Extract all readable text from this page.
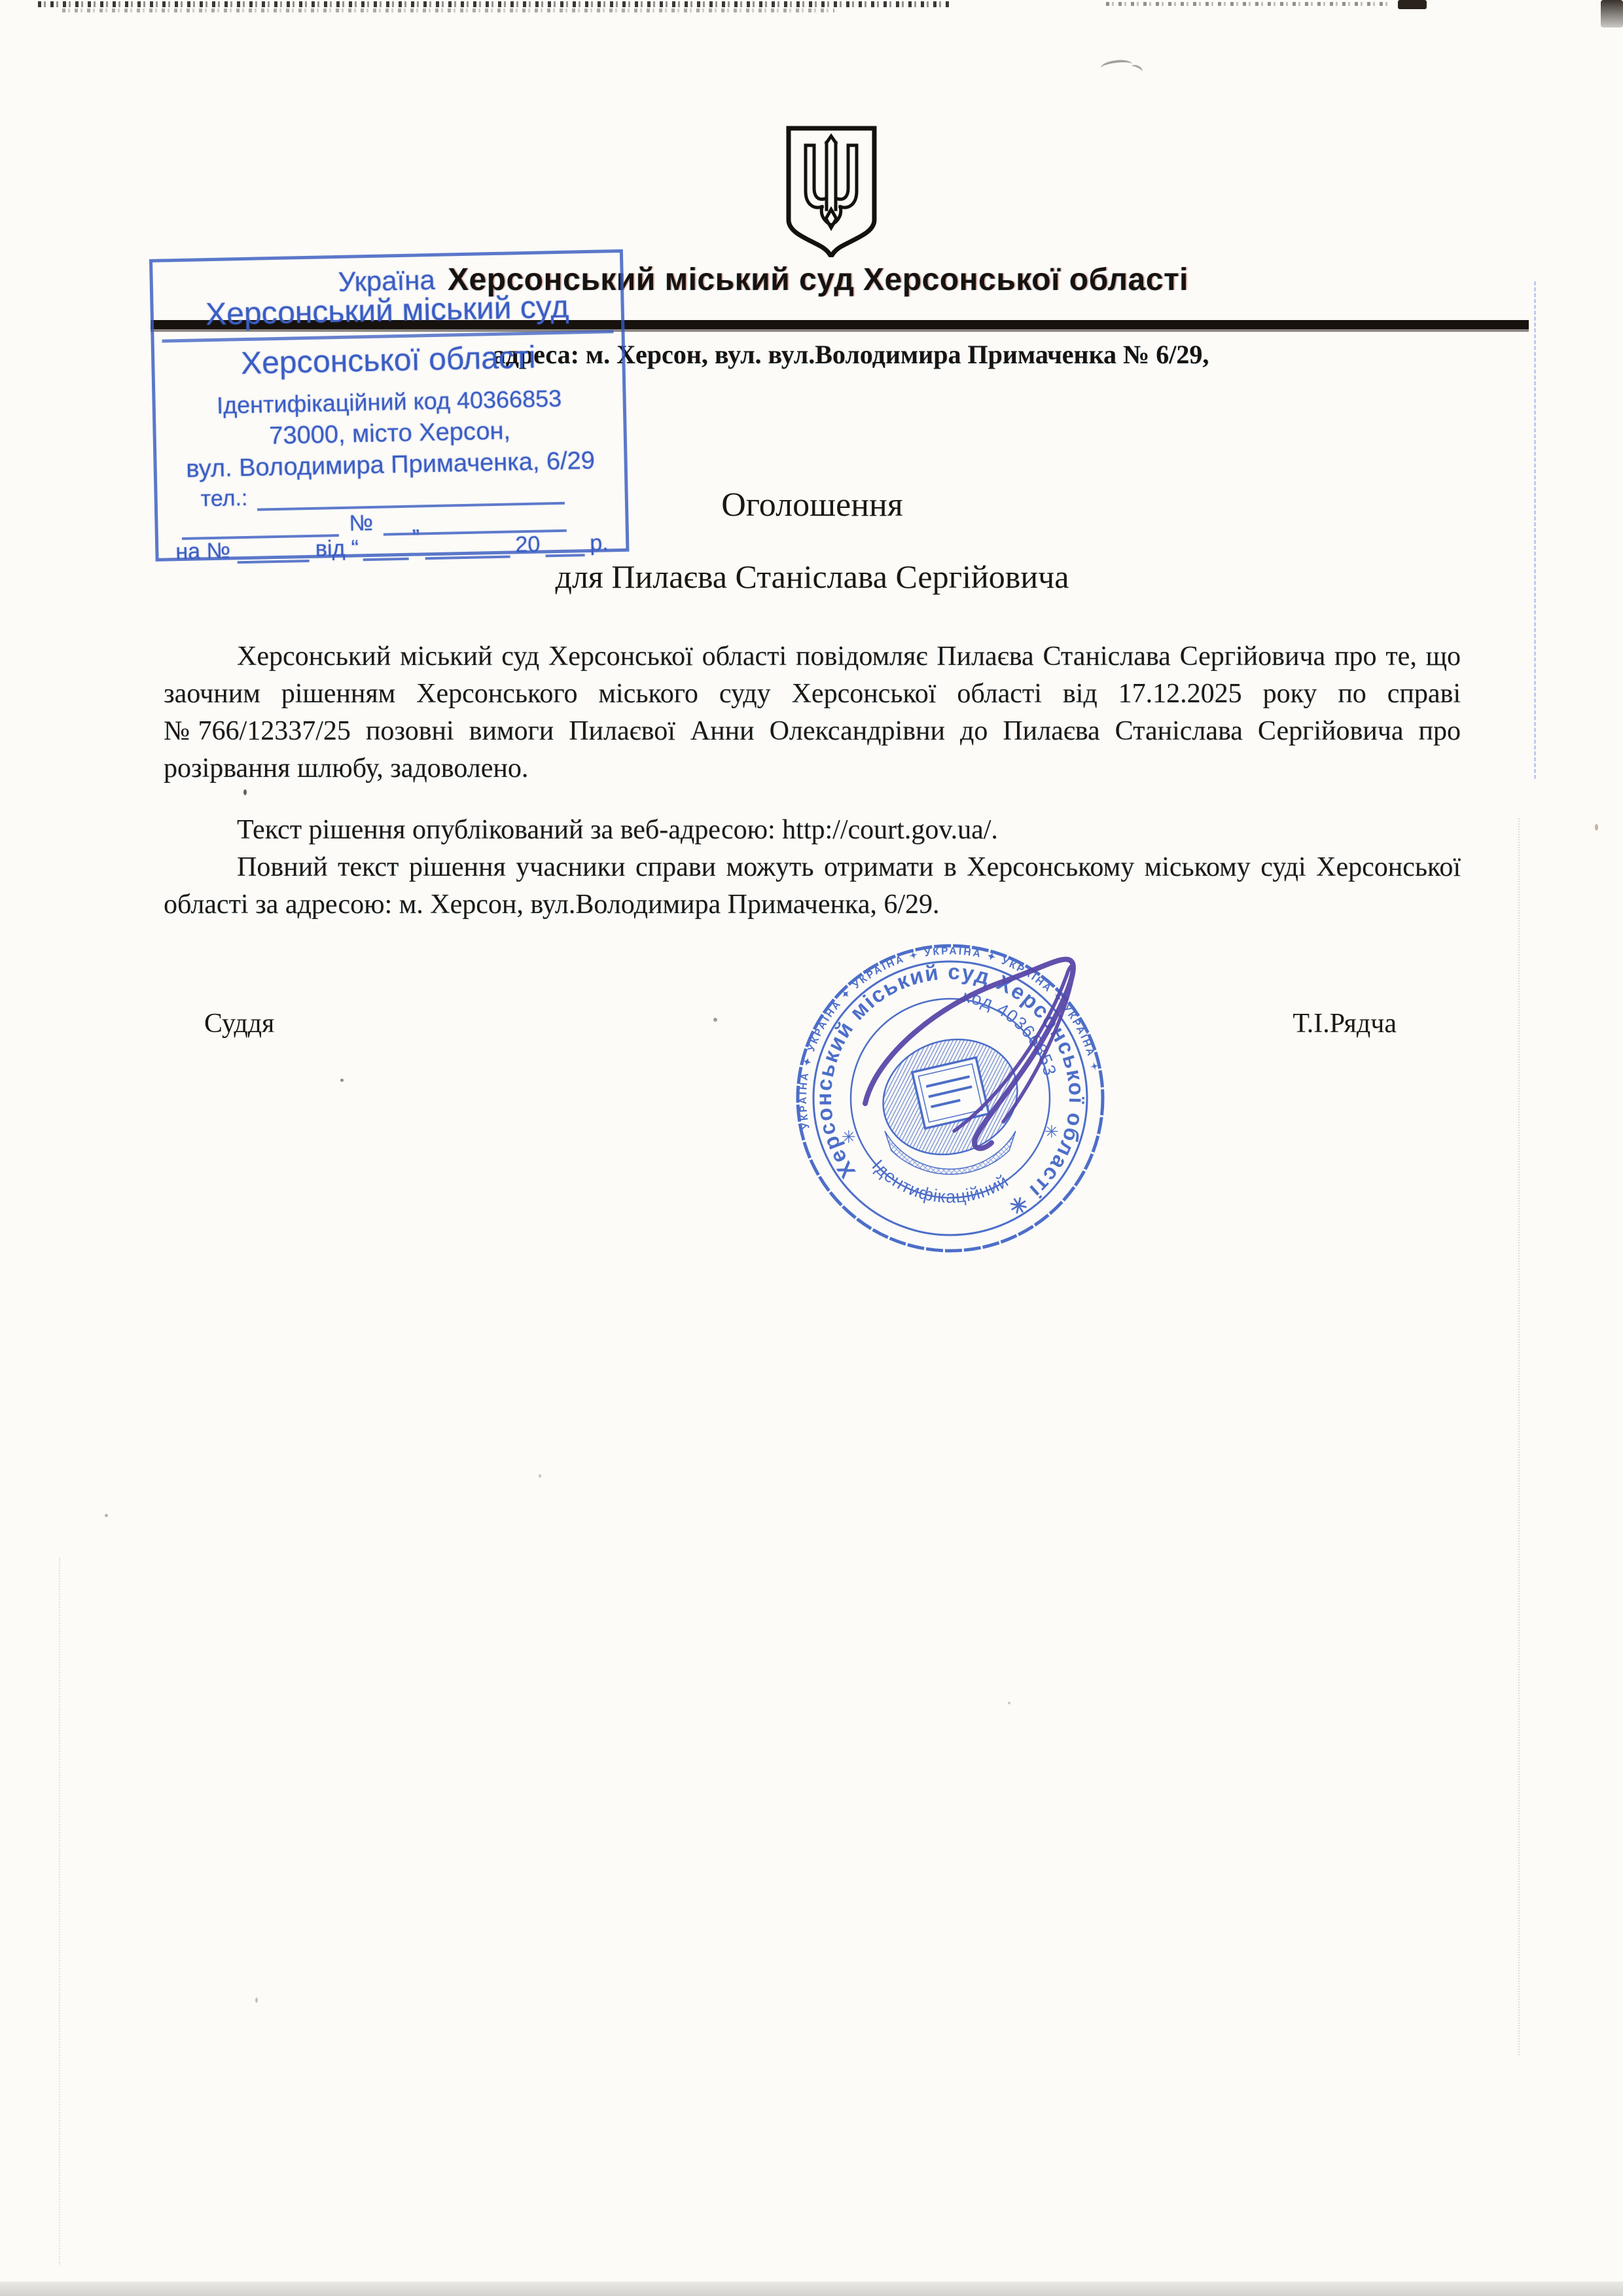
Херсонський міський суд Херсонської області
адреса: м. Херсон, вул. вул.Володимира Примаченка № 6/29,
Україна
Херсонський міський суд
Херсонської області
Ідентифікаційний код 40366853
73000, місто Херсон,
вул. Володимира Примаченка, 6/29
тел.:
№
на №	від “ ”	20 р.
Оголошення
для Пилаєва Станіслава Сергійовича
Херсонський міський суд Херсонської області повідомляє Пилаєва Станіслава Сергійовича про те, що заочним рішенням Херсонського міського суду Херсонської області від 17.12.2025 року по справі №766/12337/25 позовні вимоги Пилаєвої Анни Олександрівни до Пилаєва Станіслава Сергійовича про розірвання шлюбу, задоволено.
Текст рішення опублікований за веб-адресою: http://court.gov.ua/.
Повний текст рішення учасники справи можуть отримати в Херсонському міському суді Херсонської області за адресою: м. Херсон, вул.Володимира Примаченка, 6/29.
Суддя	Т.І.Рядча
УКРАЇНА ✦ УКРАЇНА ✦ УКРАЇНА ✦ УКРАЇНА ✦ УКРАЇНА ✦ УКРАЇНА ✦
Херсонський міський суд Херсонської області ✳
Ідентифікаційний
код 40366853
✳
✳
